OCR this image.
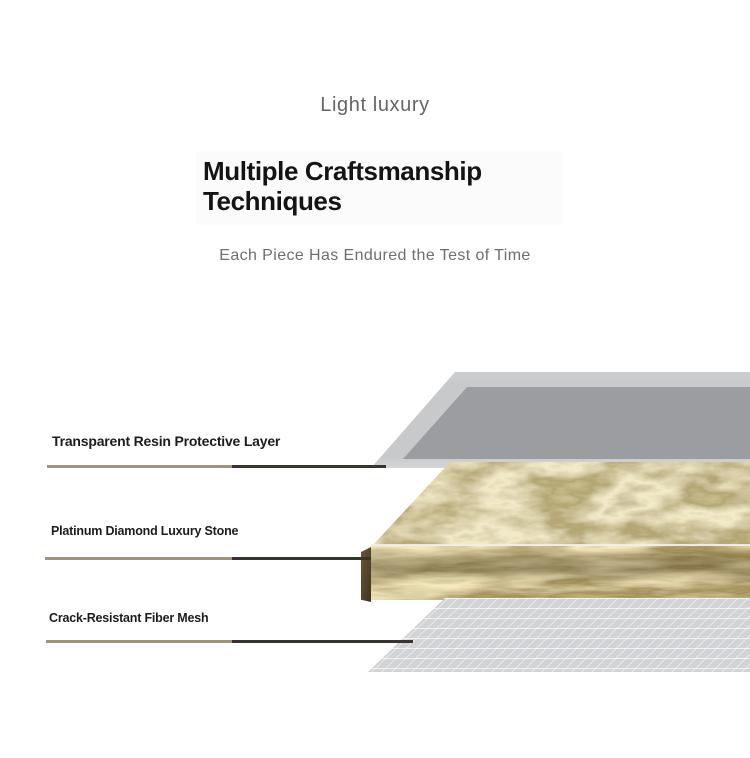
Light luxury
Multiple Craftsmanship Techniques
Each Piece Has Endured the Test of Time
Transparent Resin Protective Layer
Platinum Diamond Luxury Stone
Crack-Resistant Fiber Mesh
